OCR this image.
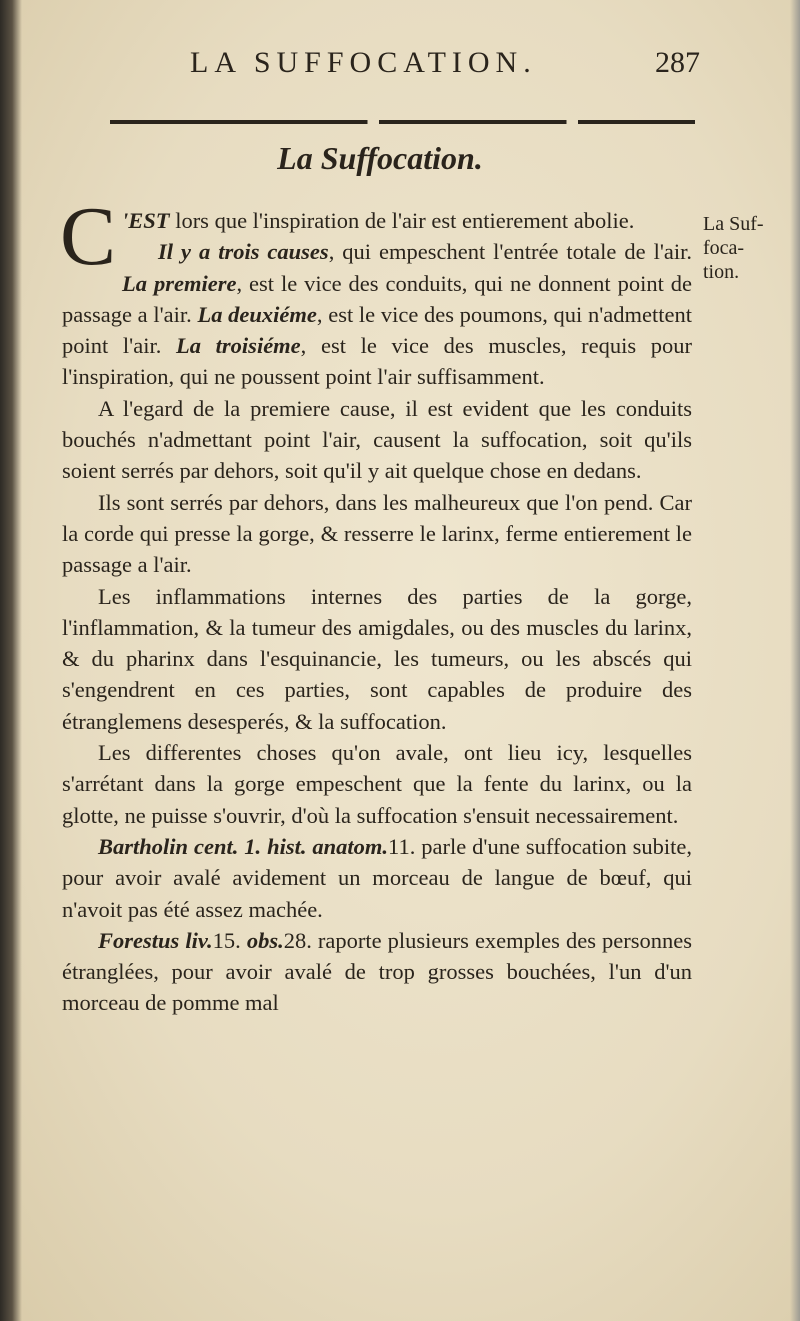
LA SUFFOCATION.	287
La Suffocation.

C 'EST lors que l'inspiration de l'air est entierement abolie.

Il y a trois causes, qui empeschent l'entrée totale de l'air. La premiere, est le vice des conduits, qui ne donnent point de passage a l'air. La deuxiéme, est le vice des poumons, qui n'admettent point l'air. La troisiéme, est le vice des muscles, requis pour l'inspiration, qui ne poussent point l'air suffisamment.

A l'egard de la premiere cause, il est evident que les conduits bouchés n'admettant point l'air, causent la suffocation, soit qu'ils soient serrés par dehors, soit qu'il y ait quelque chose en dedans.

Ils sont serrés par dehors, dans les malheureux que l'on pend. Car la corde qui presse la gorge, & resserre le larinx, ferme entierement le passage a l'air.

Les inflammations internes des parties de la gorge, l'inflammation, & la tumeur des amigdales, ou des muscles du larinx, & du pharinx dans l'esquinancie, les tumeurs, ou les abscés qui s'engendrent en ces parties, sont capables de produire des étranglemens desesperés, & la suffocation.

Les differentes choses qu'on avale, ont lieu icy, lesquelles s'arrétant dans la gorge empeschent que la fente du larinx, ou la glotte, ne puisse s'ouvrir, d'où la suffocation s'ensuit necessairement.

Bartholin cent. 1. hist. anatom.11. parle d'une suffocation subite, pour avoir avalé avidement un morceau de langue de bœuf, qui n'avoit pas été assez machée.

Forestus liv.15. obs.28. raporte plusieurs exemples des personnes étranglées, pour avoir avalé de trop grosses bouchées, l'un d'un morceau de pomme mal

La Suf-
foca-
tion.
